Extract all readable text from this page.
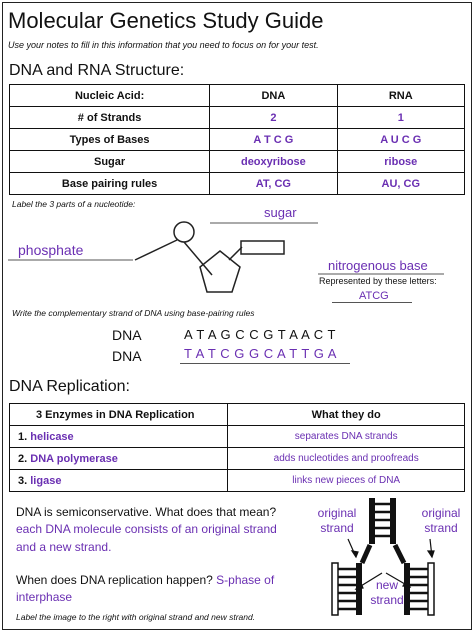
Molecular Genetics Study Guide
Use your notes to fill in this information that you need to focus on for your test.
DNA and RNA Structure:
Nucleic Acid:	DNA	RNA
# of Strands	2	1
Types of Bases	A T C G	A U C G
Sugar	deoxyribose	ribose
Base pairing rules	AT, CG	AU, CG
Label the 3 parts of a nucleotide:
sugar
phosphate
nitrogenous base
Represented by these letters:
ATCG
Write the complementary strand of DNA using base-pairing rules
DNA	A T A G C C G T A A C T
DNA	T A T C G G C A T T G A
DNA Replication:
3 Enzymes in DNA Replication	What they do
1. helicase	separates DNA strands
2. DNA polymerase	adds nucleotides and proofreads
3. ligase	links new pieces of DNA
DNA is semiconservative. What does that mean?
each DNA molecule consists of an original strand
and a new strand.
When does DNA replication happen? S-phase of
interphase
Label the image to the right with original strand and new strand.
original
strand
original
strand
new
strand
